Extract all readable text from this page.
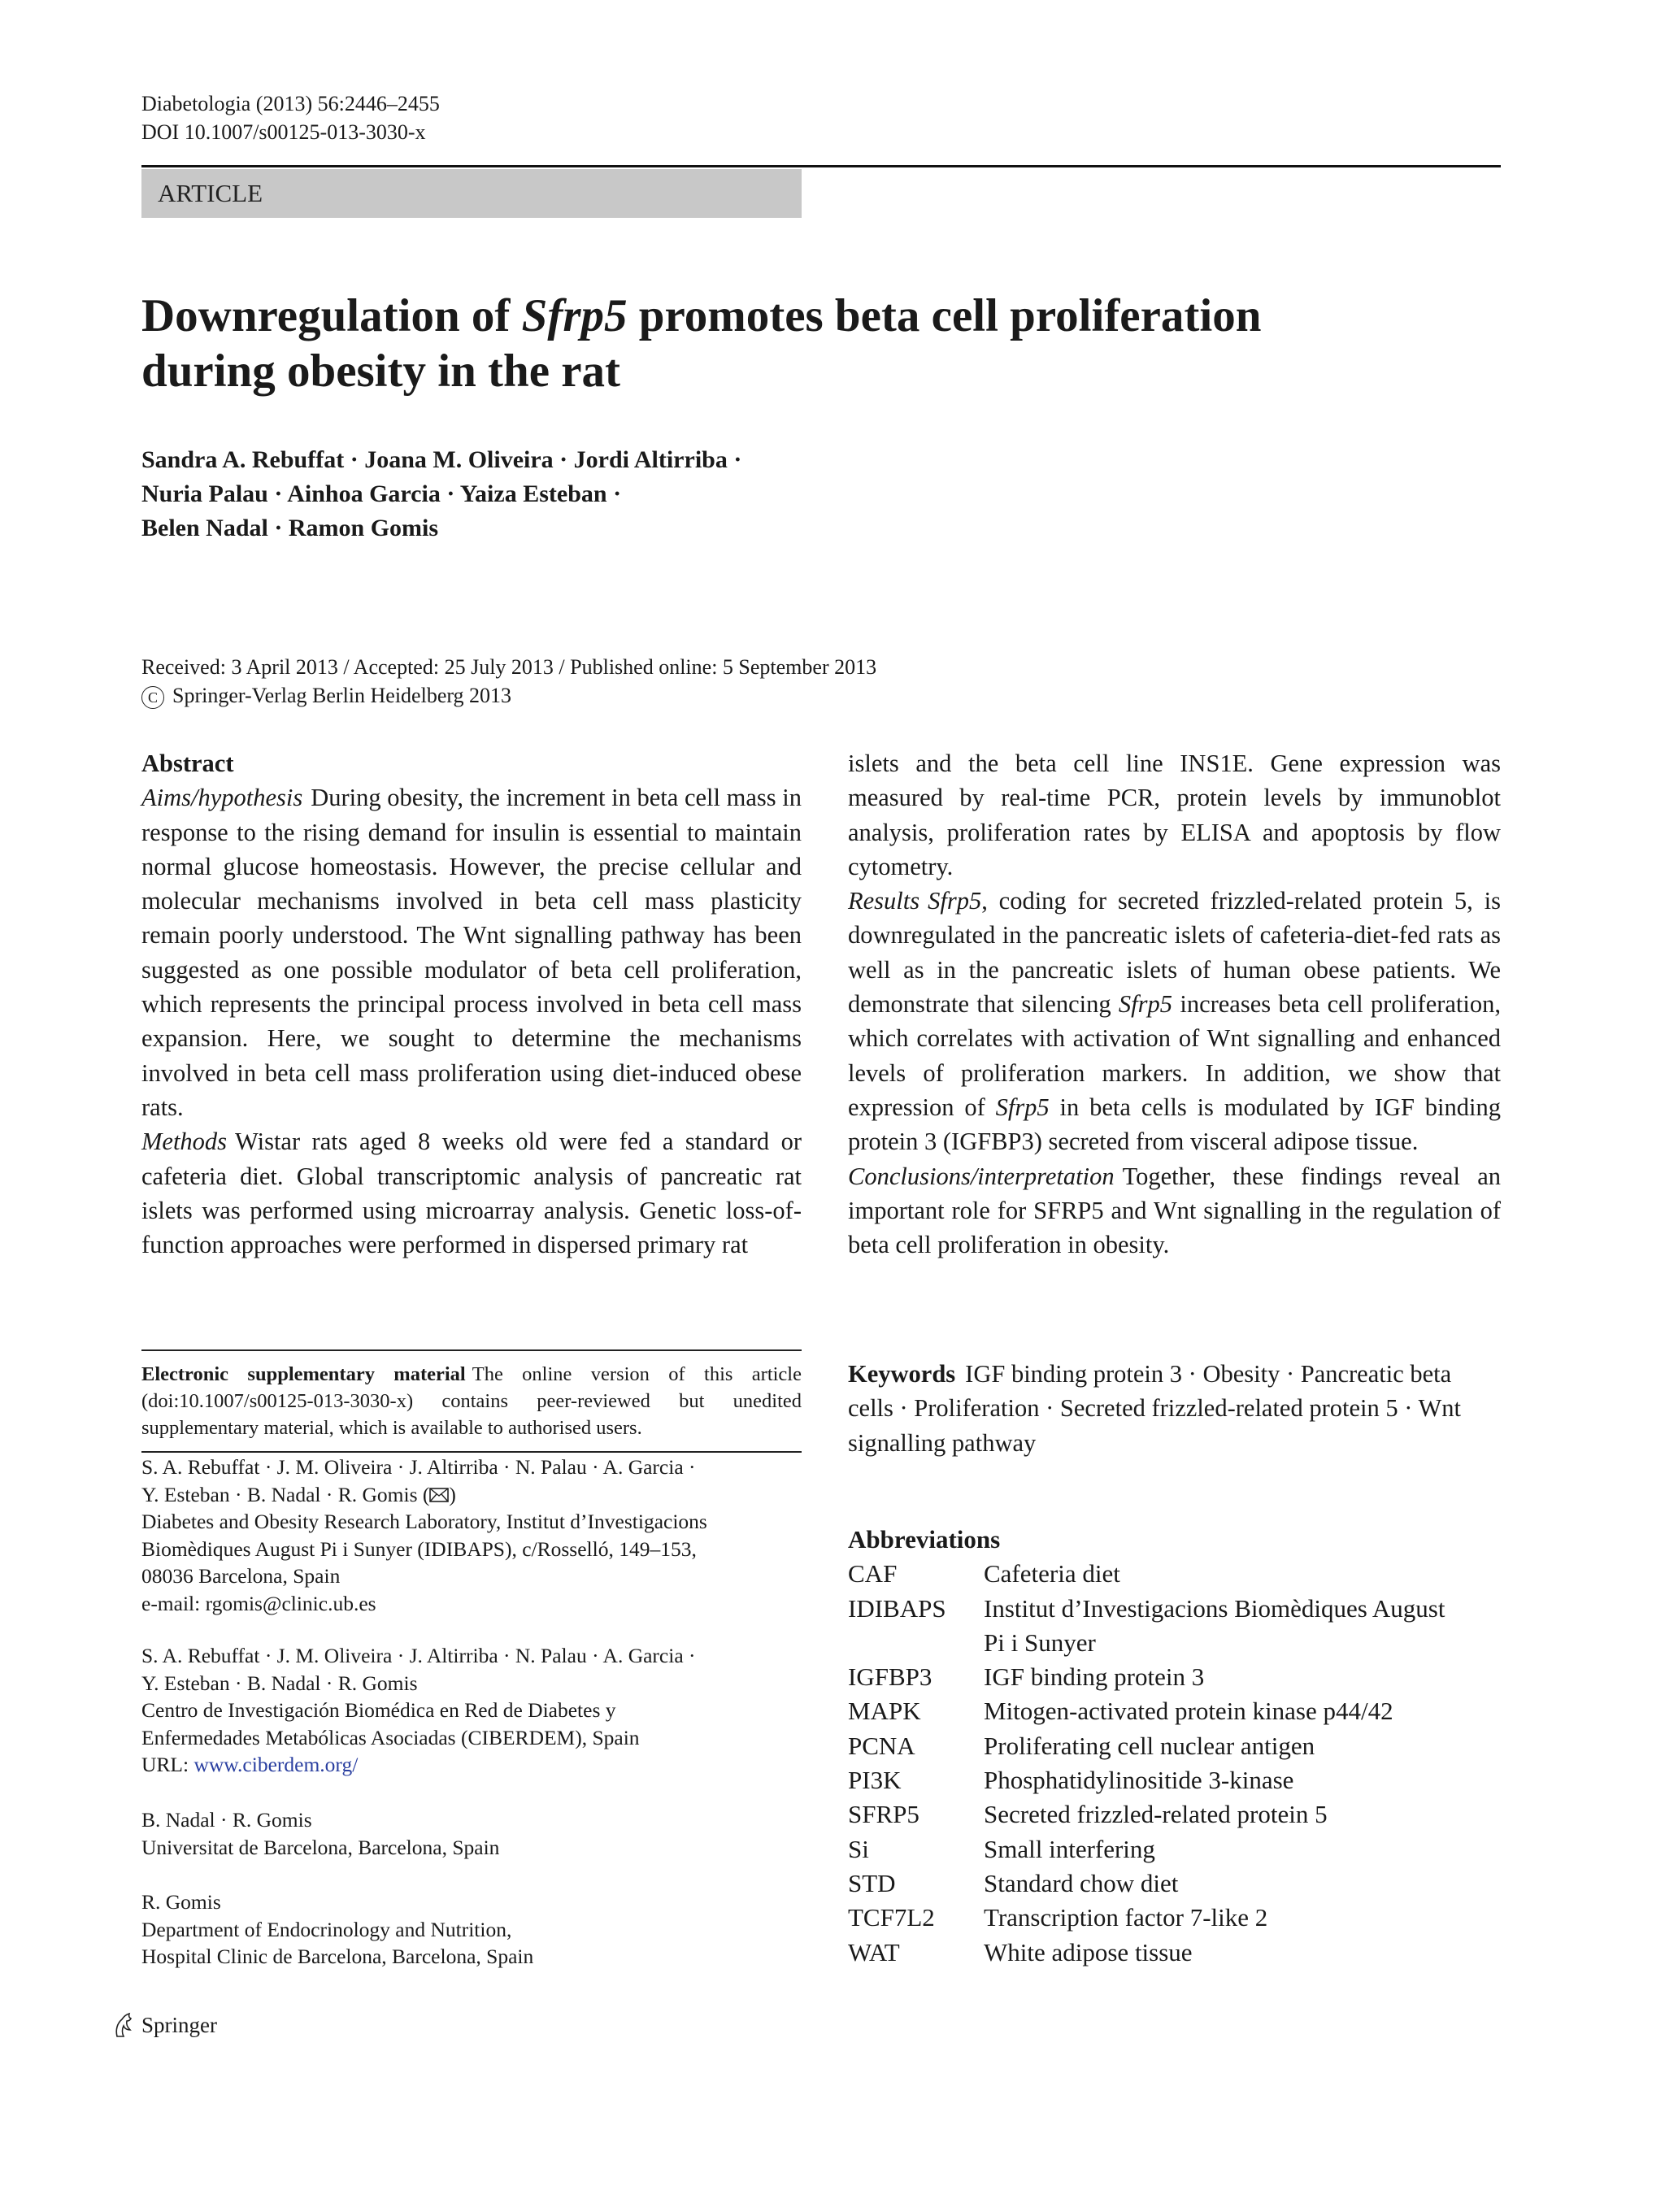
Diabetologia (2013) 56:2446–2455
DOI 10.1007/s00125-013-3030-x
ARTICLE
Downregulation of Sfrp5 promotes beta cell proliferation
during obesity in the rat
Sandra A. Rebuffat · Joana M. Oliveira · Jordi Altirriba ·
Nuria Palau · Ainhoa Garcia · Yaiza Esteban ·
Belen Nadal · Ramon Gomis
Received: 3 April 2013 / Accepted: 25 July 2013 / Published online: 5 September 2013
C Springer-Verlag Berlin Heidelberg 2013
Abstract

Aims/hypothesis During obesity, the increment in beta cell mass in response to the rising demand for insulin is essential to maintain normal glucose homeostasis. However, the precise cellular and molecular mechanisms involved in beta cell mass plasticity remain poorly understood. The Wnt signalling pathway has been suggested as one possible modulator of beta cell proliferation, which represents the principal process involved in beta cell mass expansion. Here, we sought to determine the mechanisms involved in beta cell mass proliferation using diet-induced obese rats.

Methods Wistar rats aged 8 weeks old were fed a standard or cafeteria diet. Global transcriptomic analysis of pancreatic rat islets was performed using microarray analysis. Genetic loss-of-function approaches were performed in dispersed primary rat

islets and the beta cell line INS1E. Gene expression was measured by real-time PCR, protein levels by immunoblot analysis, proliferation rates by ELISA and apoptosis by flow cytometry.

Results Sfrp5, coding for secreted frizzled-related protein 5, is downregulated in the pancreatic islets of cafeteria-diet-fed rats as well as in the pancreatic islets of human obese patients. We demonstrate that silencing Sfrp5 increases beta cell proliferation, which correlates with activation of Wnt signalling and enhanced levels of proliferation markers. In addition, we show that expression of Sfrp5 in beta cells is modulated by IGF binding protein 3 (IGFBP3) secreted from visceral adipose tissue.

Conclusions/interpretation Together, these findings reveal an important role for SFRP5 and Wnt signalling in the regulation of beta cell proliferation in obesity.

Electronic supplementary material The online version of this article (doi:10.1007/s00125-013-3030-x) contains peer-reviewed but unedited supplementary material, which is available to authorised users.
S. A. Rebuffat · J. M. Oliveira · J. Altirriba · N. Palau · A. Garcia ·
Y. Esteban · B. Nadal · R. Gomis ( )
Diabetes and Obesity Research Laboratory, Institut d’Investigacions
Biomèdiques August Pi i Sunyer (IDIBAPS), c/Rosselló, 149–153,
08036 Barcelona, Spain
e-mail: rgomis@clinic.ub.es
S. A. Rebuffat · J. M. Oliveira · J. Altirriba · N. Palau · A. Garcia ·
Y. Esteban · B. Nadal · R. Gomis
Centro de Investigación Biomédica en Red de Diabetes y
Enfermedades Metabólicas Asociadas (CIBERDEM), Spain
URL: www.ciberdem.org/
B. Nadal · R. Gomis
Universitat de Barcelona, Barcelona, Spain
R. Gomis
Department of Endocrinology and Nutrition,
Hospital Clinic de Barcelona, Barcelona, Spain
Keywords IGF binding protein 3 · Obesity · Pancreatic beta cells · Proliferation · Secreted frizzled-related protein 5 · Wnt signalling pathway
Abbreviations
CAF	Cafeteria diet
IDIBAPS	Institut d’Investigacions Biomèdiques August
Pi i Sunyer
IGFBP3	IGF binding protein 3
MAPK	Mitogen-activated protein kinase p44/42
PCNA	Proliferating cell nuclear antigen
PI3K	Phosphatidylinositide 3-kinase
SFRP5	Secreted frizzled-related protein 5
Si	Small interfering
STD	Standard chow diet
TCF7L2	Transcription factor 7-like 2
WAT	White adipose tissue
Springer
